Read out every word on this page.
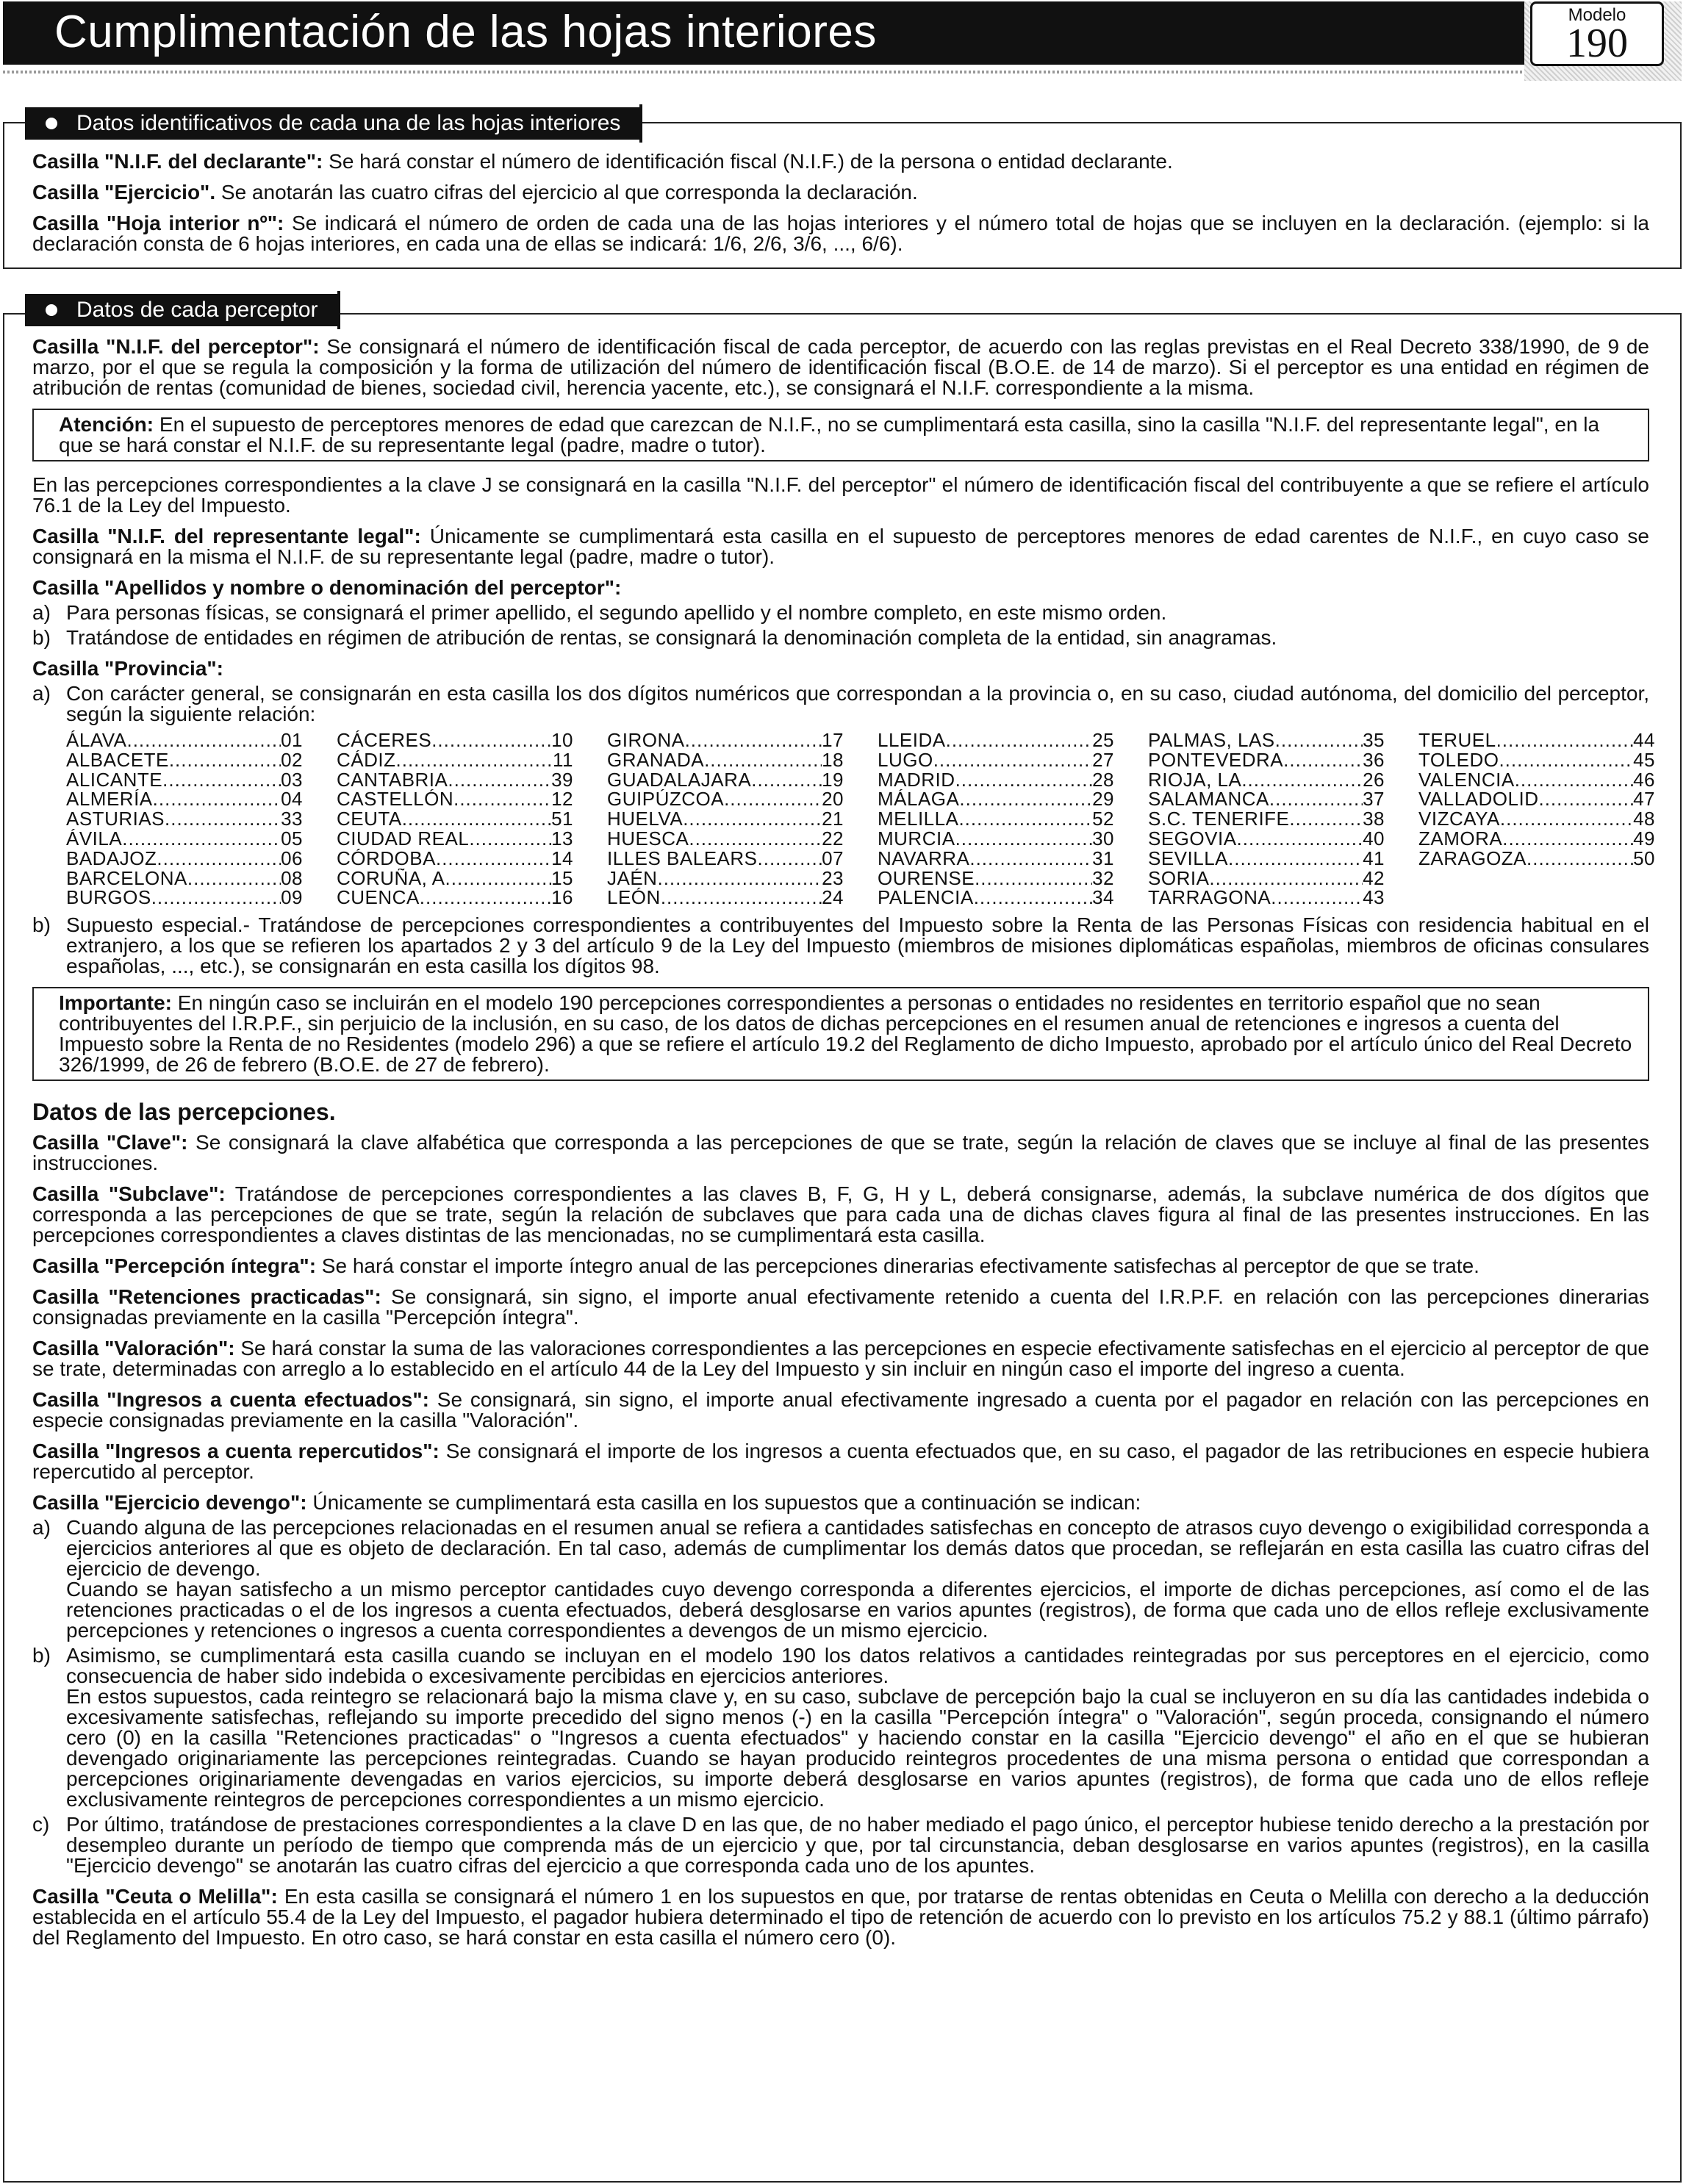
Cumplimentación de las hojas interiores	Modelo
190
Datos identificativos de cada una de las hojas interiores

Casilla "N.I.F. del declarante": Se hará constar el número de identificación fiscal (N.I.F.) de la persona o entidad declarante.

Casilla "Ejercicio". Se anotarán las cuatro cifras del ejercicio al que corresponda la declaración.

Casilla "Hoja interior nº": Se indicará el número de orden de cada una de las hojas interiores y el número total de hojas que se incluyen en la declaración. (ejemplo: si la declaración consta de 6 hojas interiores, en cada una de ellas se indicará: 1/6, 2/6, 3/6, ..., 6/6).

Datos de cada perceptor

Casilla "N.I.F. del perceptor": Se consignará el número de identificación fiscal de cada perceptor, de acuerdo con las reglas previstas en el Real Decreto 338/1990, de 9 de marzo, por el que se regula la composición y la forma de utilización del número de identificación fiscal (B.O.E. de 14 de marzo). Si el perceptor es una entidad en régimen de atribución de rentas (comunidad de bienes, sociedad civil, herencia yacente, etc.), se consignará el N.I.F. correspondiente a la misma.

Atención: En el supuesto de perceptores menores de edad que carezcan de N.I.F., no se cumplimentará esta casilla, sino la casilla "N.I.F. del representante legal", en la que se hará constar el N.I.F. de su representante legal (padre, madre o tutor).

En las percepciones correspondientes a la clave J se consignará en la casilla "N.I.F. del perceptor" el número de identificación fiscal del contribuyente a que se refiere el artículo 76.1 de la Ley del Impuesto.

Casilla "N.I.F. del representante legal": Únicamente se cumplimentará esta casilla en el supuesto de perceptores menores de edad carentes de N.I.F., en cuyo caso se consignará en la misma el N.I.F. de su representante legal (padre, madre o tutor).

Casilla "Apellidos y nombre o denominación del perceptor":

a) Para personas físicas, se consignará el primer apellido, el segundo apellido y el nombre completo, en este mismo orden.
b) Tratándose de entidades en régimen de atribución de rentas, se consignará la denominación completa de la entidad, sin anagramas.

Casilla "Provincia":

a) Con carácter general, se consignarán en esta casilla los dos dígitos numéricos que correspondan a la provincia o, en su caso, ciudad autónoma, del domicilio del perceptor, según la siguiente relación:
ÁLAVA .....	01 CÁCERES .....	10 GIRONA .....	17 LLEIDA .....	25 PALMAS, LAS .....	35 TERUEL .....	44
ALBACETE .....	02 CÁDIZ .....	11 GRANADA .....	18 LUGO .....	27 PONTEVEDRA .....	36 TOLEDO .....	45
ALICANTE .....	03 CANTABRIA .....	39 GUADALAJARA .....	19 MADRID .....	28 RIOJA, LA .....	26 VALENCIA .....	46
ALMERÍA .....	04 CASTELLÓN .....	12 GUIPÚZCOA .....	20 MÁLAGA .....	29 SALAMANCA .....	37 VALLADOLID .....	47
ASTURIAS .....	33 CEUTA .....	51 HUELVA .....	21 MELILLA .....	52 S.C. TENERIFE .....	38 VIZCAYA .....	48
ÁVILA .....	05 CIUDAD REAL .....	13 HUESCA .....	22 MURCIA .....	30 SEGOVIA .....	40 ZAMORA .....	49
BADAJOZ .....	06 CÓRDOBA .....	14 ILLES BALEARS .....	07 NAVARRA .....	31 SEVILLA .....	41 ZARAGOZA .....	50
BARCELONA .....	08 CORUÑA, A .....	15 JAÉN .....	23 OURENSE .....	32 SORIA .....	42
BURGOS .....	09 CUENCA .....	16 LEÓN .....	24 PALENCIA .....	34 TARRAGONA .....	43
b) Supuesto especial.- Tratándose de percepciones correspondientes a contribuyentes del Impuesto sobre la Renta de las Personas Físicas con residencia habitual en el extranjero, a los que se refieren los apartados 2 y 3 del artículo 9 de la Ley del Impuesto (miembros de misiones diplomáticas españolas, miembros de oficinas consulares españolas, ..., etc.), se consignarán en esta casilla los dígitos 98.
Importante: En ningún caso se incluirán en el modelo 190 percepciones correspondientes a personas o entidades no residentes en territorio español que no sean contribuyentes del I.R.P.F., sin perjuicio de la inclusión, en su caso, de los datos de dichas percepciones en el resumen anual de retenciones e ingresos a cuenta del Impuesto sobre la Renta de no Residentes (modelo 296) a que se refiere el artículo 19.2 del Reglamento de dicho Impuesto, aprobado por el artículo único del Real Decreto 326/1999, de 26 de febrero (B.O.E. de 27 de febrero).
Datos de las percepciones.

Casilla "Clave": Se consignará la clave alfabética que corresponda a las percepciones de que se trate, según la relación de claves que se incluye al final de las presentes instrucciones.

Casilla "Subclave": Tratándose de percepciones correspondientes a las claves B, F, G, H y L, deberá consignarse, además, la subclave numérica de dos dígitos que corresponda a las percepciones de que se trate, según la relación de subclaves que para cada una de dichas claves figura al final de las presentes instrucciones. En las percepciones correspondientes a claves distintas de las mencionadas, no se cumplimentará esta casilla.

Casilla "Percepción íntegra": Se hará constar el importe íntegro anual de las percepciones dinerarias efectivamente satisfechas al perceptor de que se trate.

Casilla "Retenciones practicadas": Se consignará, sin signo, el importe anual efectivamente retenido a cuenta del I.R.P.F. en relación con las percepciones dinerarias consignadas previamente en la casilla "Percepción íntegra".

Casilla "Valoración": Se hará constar la suma de las valoraciones correspondientes a las percepciones en especie efectivamente satisfechas en el ejercicio al perceptor de que se trate, determinadas con arreglo a lo establecido en el artículo 44 de la Ley del Impuesto y sin incluir en ningún caso el importe del ingreso a cuenta.

Casilla "Ingresos a cuenta efectuados": Se consignará, sin signo, el importe anual efectivamente ingresado a cuenta por el pagador en relación con las percepciones en especie consignadas previamente en la casilla "Valoración".

Casilla "Ingresos a cuenta repercutidos": Se consignará el importe de los ingresos a cuenta efectuados que, en su caso, el pagador de las retribuciones en especie hubiera repercutido al perceptor.

Casilla "Ejercicio devengo": Únicamente se cumplimentará esta casilla en los supuestos que a continuación se indican:

a) Cuando alguna de las percepciones relacionadas en el resumen anual se refiera a cantidades satisfechas en concepto de atrasos cuyo devengo o exigibilidad corresponda a ejercicios anteriores al que es objeto de declaración. En tal caso, además de cumplimentar los demás datos que procedan, se reflejarán en esta casilla las cuatro cifras del ejercicio de devengo.

Cuando se hayan satisfecho a un mismo perceptor cantidades cuyo devengo corresponda a diferentes ejercicios, el importe de dichas percepciones, así como el de las retenciones practicadas o el de los ingresos a cuenta efectuados, deberá desglosarse en varios apuntes (registros), de forma que cada uno de ellos refleje exclusivamente percepciones y retenciones o ingresos a cuenta correspondientes a devengos de un mismo ejercicio.

b) Asimismo, se cumplimentará esta casilla cuando se incluyan en el modelo 190 los datos relativos a cantidades reintegradas por sus perceptores en el ejercicio, como consecuencia de haber sido indebida o excesivamente percibidas en ejercicios anteriores.

En estos supuestos, cada reintegro se relacionará bajo la misma clave y, en su caso, subclave de percepción bajo la cual se incluyeron en su día las cantidades indebida o excesivamente satisfechas, reflejando su importe precedido del signo menos (-) en la casilla "Percepción íntegra" o "Valoración", según proceda, consignando el número cero (0) en la casilla "Retenciones practicadas" o "Ingresos a cuenta efectuados" y haciendo constar en la casilla "Ejercicio devengo" el año en el que se hubieran devengado originariamente las percepciones reintegradas. Cuando se hayan producido reintegros procedentes de una misma persona o entidad que correspondan a percepciones originariamente devengadas en varios ejercicios, su importe deberá desglosarse en varios apuntes (registros), de forma que cada uno de ellos refleje exclusivamente reintegros de percepciones correspondientes a un mismo ejercicio.

c) Por último, tratándose de prestaciones correspondientes a la clave D en las que, de no haber mediado el pago único, el perceptor hubiese tenido derecho a la prestación por desempleo durante un período de tiempo que comprenda más de un ejercicio y que, por tal circunstancia, deban desglosarse en varios apuntes (registros), en la casilla "Ejercicio devengo" se anotarán las cuatro cifras del ejercicio a que corresponda cada uno de los apuntes.

Casilla "Ceuta o Melilla": En esta casilla se consignará el número 1 en los supuestos en que, por tratarse de rentas obtenidas en Ceuta o Melilla con derecho a la deducción establecida en el artículo 55.4 de la Ley del Impuesto, el pagador hubiera determinado el tipo de retención de acuerdo con lo previsto en los artículos 75.2 y 88.1 (último párrafo) del Reglamento del Impuesto. En otro caso, se hará constar en esta casilla el número cero (0).
